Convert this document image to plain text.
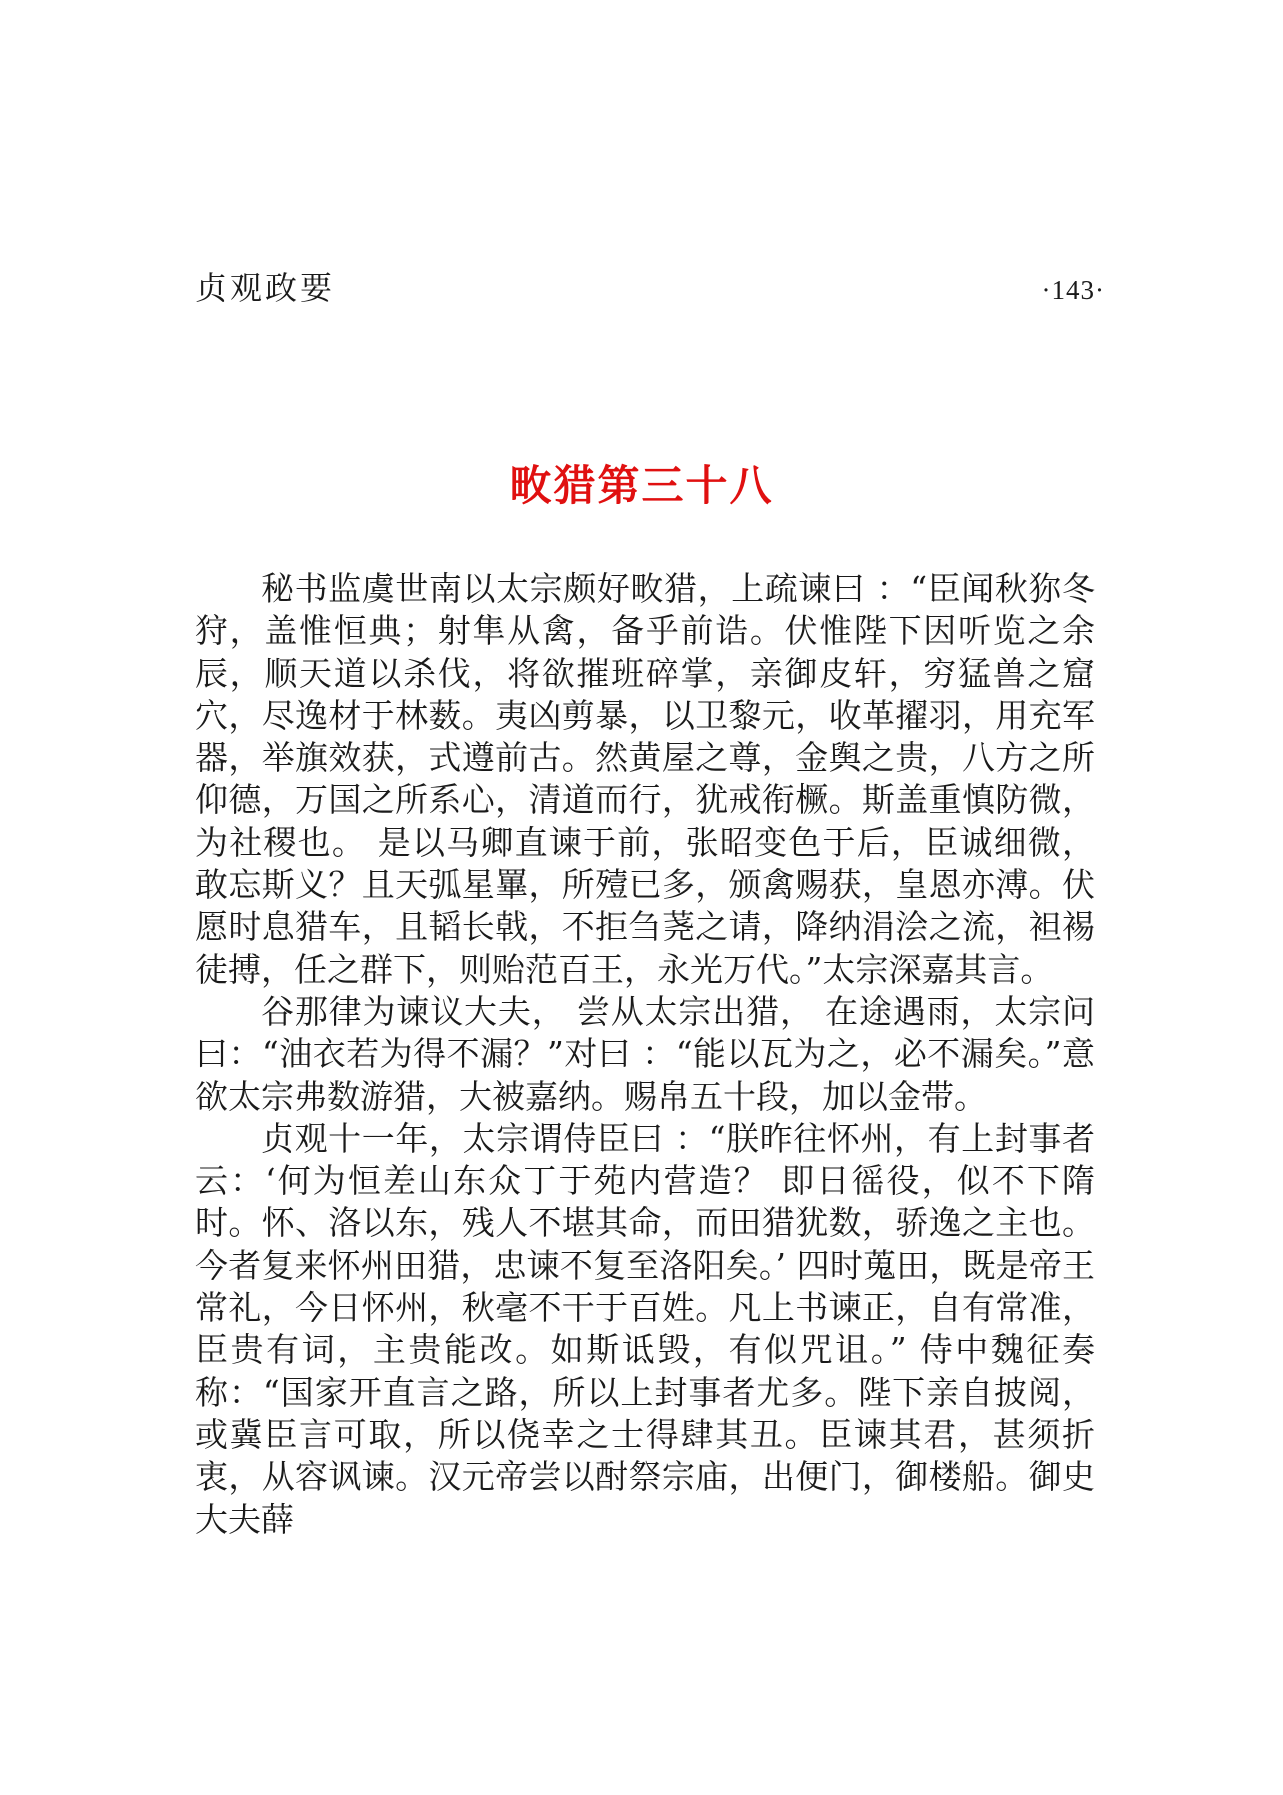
贞观政要	·143·
畋猎第三十八

秘书监虞世南以太宗颇好畋猎，上疏谏曰 ：“臣闻秋狝冬狩，盖惟恒典；射隼从禽，备乎前诰。伏惟陛下因听览之余辰，顺天道以杀伐，将欲摧班碎掌，亲御皮轩，穷猛兽之窟穴，尽逸材于林薮。夷凶剪暴，以卫黎元，收革擢羽，用充军器，举旗效获，式遵前古。然黄屋之尊，金舆之贵，八方之所仰德，万国之所系心，清道而行，犹戒衔橛。斯盖重慎防微，为社稷也。 是以马卿直谏于前，张昭变色于后，臣诚细微， 敢忘斯义？且天弧星罼，所殪已多，颁禽赐获，皇恩亦溥。伏愿时息猎车，且韬长戟，不拒刍荛之请，降纳涓浍之流，袒裼徒搏，任之群下，则贻范百王，永光万代。”太宗深嘉其言。

谷那律为谏议大夫， 尝从太宗出猎， 在途遇雨，太宗问曰：“油衣若为得不漏？”对曰 ：“能以瓦为之，必不漏矣。”意欲太宗弗数游猎，大被嘉纳。赐帛五十段，加以金带。

贞观十一年，太宗谓侍臣曰 ：“朕昨往怀州，有上封事者云：‘何为恒差山东众丁于苑内营造？ 即日徭役，似不下隋时。怀、洛以东，残人不堪其命，而田猎犹数，骄逸之主也。今者复来怀州田猎，忠谏不复至洛阳矣。’ 四时蒐田，既是帝王常礼，今日怀州，秋毫不干于百姓。凡上书谏正，自有常准，臣贵有词，主贵能改。如斯诋毁，有似咒诅。” 侍中魏征奏称：“国家开直言之路，所以上封事者尤多。陛下亲自披阅，或冀臣言可取，所以侥幸之士得肆其丑。臣谏其君，甚须折衷，从容讽谏。汉元帝尝以酎祭宗庙，出便门，御楼船。御史大夫薛
